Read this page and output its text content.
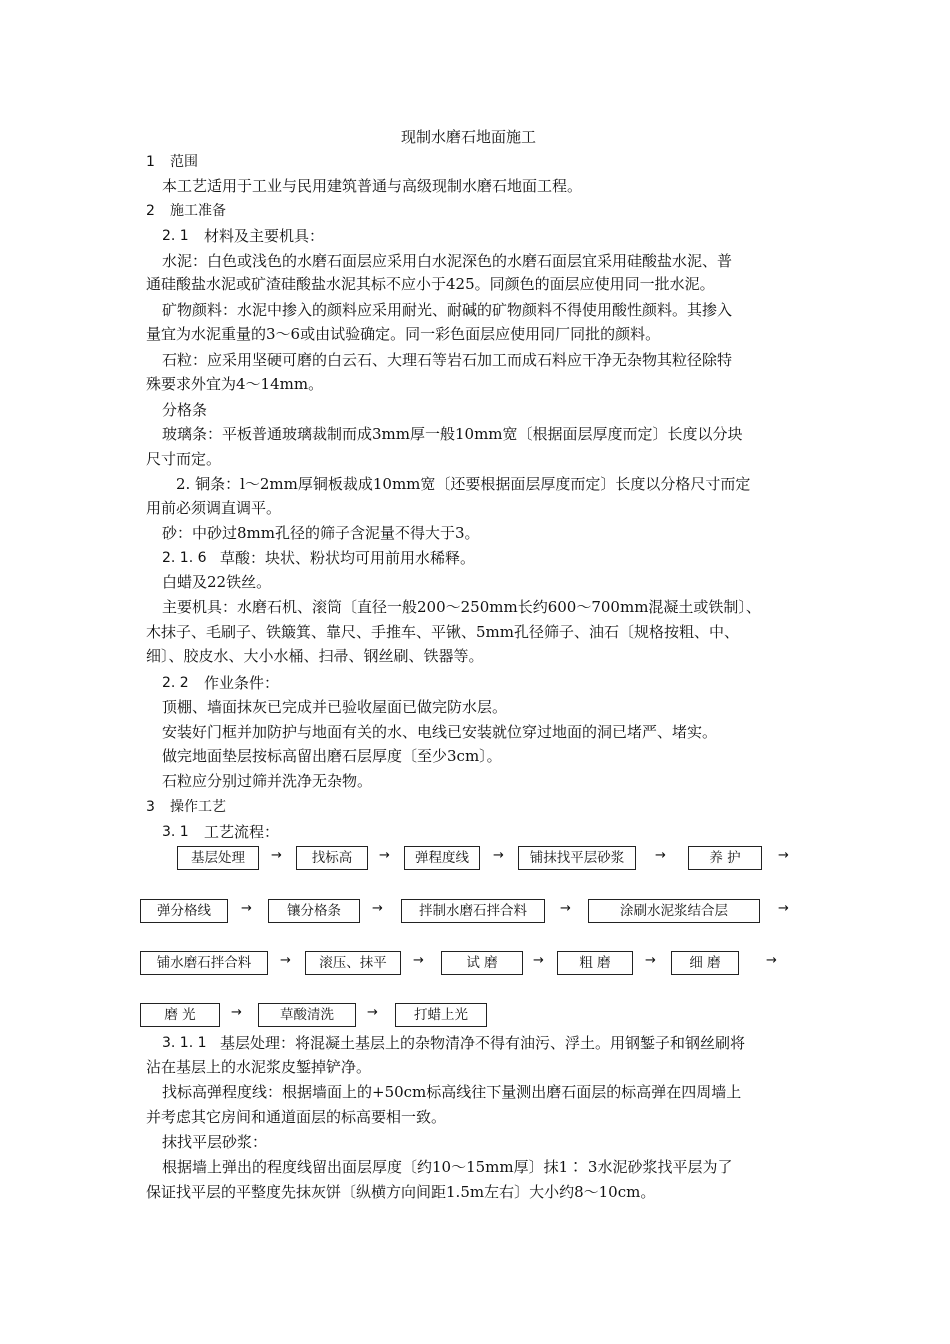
现制水磨石地面施工
1 范围
本工艺适用于工业与民用建筑普通与高级现制水磨石地面工程。
2 施工准备
2. 1 材料及主要机具：
水泥：白色或浅色的水磨石面层应采用白水泥深色的水磨石面层宜采用硅酸盐水泥、普
通硅酸盐水泥或矿渣硅酸盐水泥其标不应小于425。同颜色的面层应使用同一批水泥。
矿物颜料：水泥中掺入的颜料应采用耐光、耐碱的矿物颜料不得使用酸性颜料。其掺入
量宜为水泥重量的3～6或由试验确定。同一彩色面层应使用同厂同批的颜料。
石粒：应采用坚硬可磨的白云石、大理石等岩石加工而成石料应干净无杂物其粒径除特
殊要求外宜为4～14mm。
分格条
玻璃条：平板普通玻璃裁制而成3mm厚一般10mm宽〔根据面层厚度而定〕长度以分块
尺寸而定。
2. 铜条：l～2mm厚铜板裁成10mm宽〔还要根据面层厚度而定〕长度以分格尺寸而定
用前必须调直调平。
砂：中砂过8mm孔径的筛子含泥量不得大于3。
2. 1. 6 草酸：块状、粉状均可用前用水稀释。
白蜡及22铁丝。
主要机具：水磨石机、滚筒〔直径一般200～250mm长约600～700mm混凝土或铁制〕、
木抹子、毛刷子、铁簸箕、靠尺、手推车、平锹、5mm孔径筛子、油石〔规格按粗、中、
细〕、胶皮水、大小水桶、扫帚、钢丝刷、铁器等。
2. 2 作业条件：
顶棚、墙面抹灰已完成并已验收屋面已做完防水层。
安装好门框并加防护与地面有关的水、电线已安装就位穿过地面的洞已堵严、堵实。
做完地面垫层按标高留出磨石层厚度〔至少3cm〕。
石粒应分别过筛并洗净无杂物。
3 操作工艺
3. 1 工艺流程：
基层处理	→	找标高	→	弹程度线	→	铺抹找平层砂浆	→	养 护	→
弹分格线	→	镶分格条	→	拌制水磨石拌合料	→	涂刷水泥浆结合层	→
铺水磨石拌合料	→	滚压、抹平	→	试 磨	→	粗 磨	→	细 磨	→
磨 光	→	草酸清洗	→	打蜡上光
3. 1. 1 基层处理：将混凝土基层上的杂物清净不得有油污、浮土。用钢錾子和钢丝刷将
沾在基层上的水泥浆皮錾掉铲净。
找标高弹程度线：根据墙面上的+50cm标高线往下量测出磨石面层的标高弹在四周墙上
并考虑其它房间和通道面层的标高要相一致。
抹找平层砂浆：
根据墙上弹出的程度线留出面层厚度〔约10～15mm厚〕抹1∶ 3水泥砂浆找平层为了
保证找平层的平整度先抹灰饼〔纵横方向间距1.5m左右〕大小约8～10cm。
